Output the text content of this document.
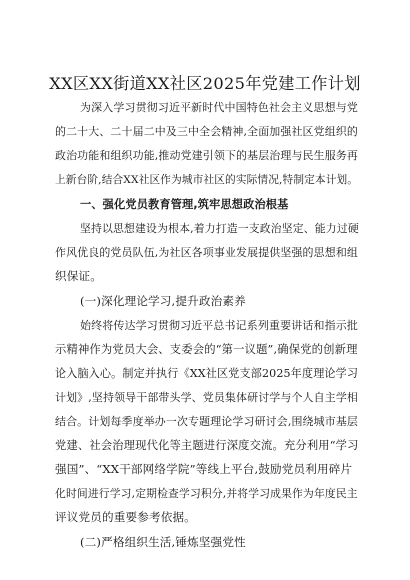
XX区XX街道XX社区2025年党建工作计划
为深入学习贯彻习近平新时代中国特色社会主义思想与党
的二十大、二十届二中及三中全会精神,全面加强社区党组织的
政治功能和组织功能,推动党建引领下的基层治理与民生服务再
上新台阶,结合XX社区作为城市社区的实际情况,特制定本计划。
一、强化党员教育管理,筑牢思想政治根基
坚持以思想建设为根本,着力打造一支政治坚定、能力过硬
作风优良的党员队伍,为社区各项事业发展提供坚强的思想和组
织保证。
(一)深化理论学习,提升政治素养
始终将传达学习贯彻习近平总书记系列重要讲话和指示批
示精神作为党员大会、支委会的“第一议题”,确保党的创新理
论入脑入心。制定并执行《XX社区党支部2025年度理论学习
计划》,坚持领导干部带头学、党员集体研讨学与个人自主学相
结合。计划每季度举办一次专题理论学习研讨会,围绕城市基层
党建、社会治理现代化等主题进行深度交流。充分利用“学习
强国”、“XX干部网络学院”等线上平台,鼓励党员利用碎片
化时间进行学习,定期检查学习积分,并将学习成果作为年度民主
评议党员的重要参考依据。
(二)严格组织生活,锤炼坚强党性
